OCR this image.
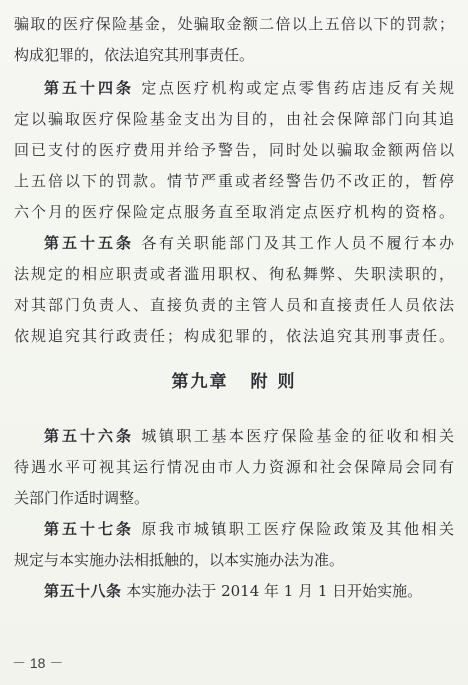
骗取的医疗保险基金，处骗取金额二倍以上五倍以下的罚款；
构成犯罪的，依法追究其刑事责任。
第五十四条 定点医疗机构或定点零售药店违反有关规
定以骗取医疗保险基金支出为目的，由社会保障部门向其追
回已支付的医疗费用并给予警告，同时处以骗取金额两倍以
上五倍以下的罚款。情节严重或者经警告仍不改正的，暂停
六个月的医疗保险定点服务直至取消定点医疗机构的资格。
第五十五条 各有关职能部门及其工作人员不履行本办
法规定的相应职责或者滥用职权、徇私舞弊、失职渎职的，
对其部门负责人、直接负责的主管人员和直接责任人员依法
依规追究其行政责任；构成犯罪的，依法追究其刑事责任。
第九章 附 则
第五十六条 城镇职工基本医疗保险基金的征收和相关
待遇水平可视其运行情况由市人力资源和社会保障局会同有
关部门作适时调整。
第五十七条 原我市城镇职工医疗保险政策及其他相关
规定与本实施办法相抵触的，以本实施办法为准。
第五十八条 本实施办法于 2014 年 1 月 1 日开始实施。
－ 18 －
